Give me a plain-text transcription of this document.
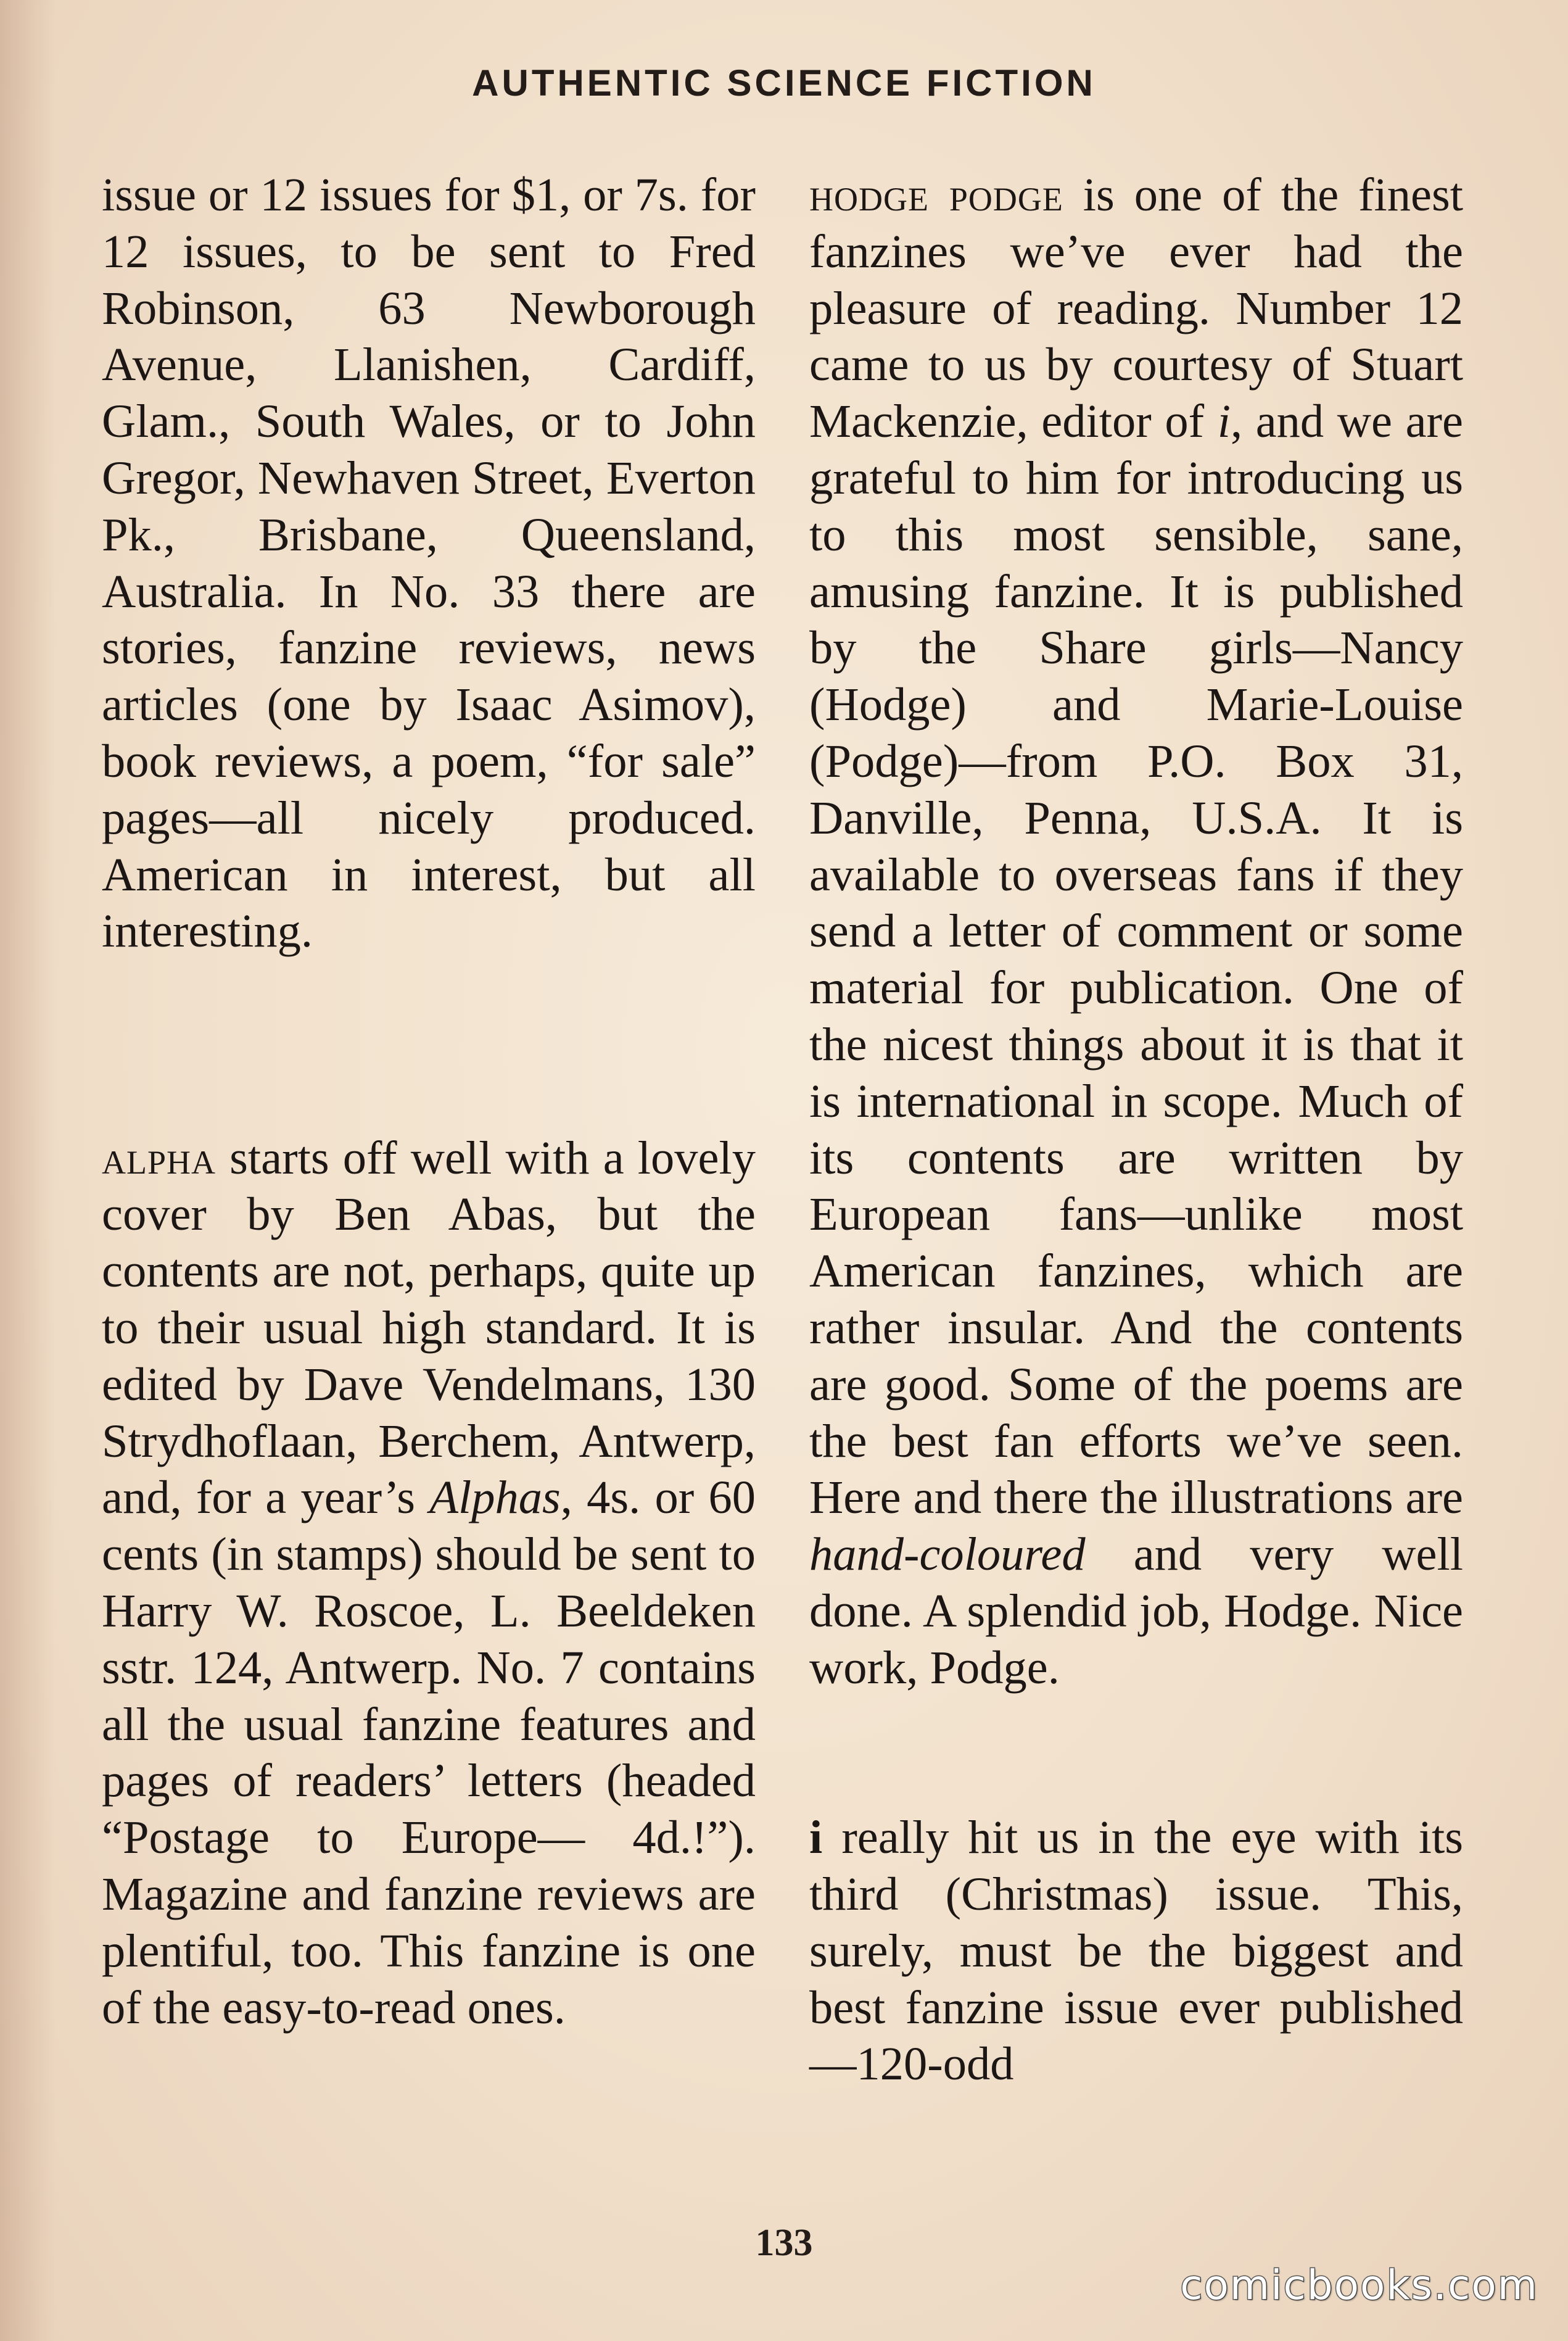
AUTHENTIC SCIENCE FICTION

issue or 12 issues for $1, or 7s. for 12 issues, to be sent to Fred Robinson, 63 Newborough Avenue, Llanishen, Cardiff, Glam., South Wales, or to John Gregor, Newhaven Street, Everton Pk., Brisbane, Queensland, Australia. In No. 33 there are stories, fanzine reviews, news articles (one by Isaac Asimov), book reviews, a poem, “for sale” pages—all nicely produced. American in interest, but all interesting.

alpha starts off well with a lovely cover by Ben Abas, but the contents are not, perhaps, quite up to their usual high standard. It is edited by Dave Vendelmans, 130 Strydhoflaan, Berchem, Antwerp, and, for a year’s Alphas, 4s. or 60 cents (in stamps) should be sent to Harry W. Roscoe, L. Beeldeken sstr. 124, Antwerp. No. 7 contains all the usual fanzine features and pages of readers’ letters (headed “Postage to Europe— 4d.!”). Magazine and fanzine reviews are plentiful, too. This fanzine is one of the easy-to-read ones.

hodge podge is one of the finest fanzines we’ve ever had the pleasure of reading. Number 12 came to us by courtesy of Stuart Mackenzie, editor of i, and we are grateful to him for introducing us to this most sensible, sane, amusing fanzine. It is published by the Share girls—Nancy (Hodge) and Marie-Louise (Podge)—from P.O. Box 31, Danville, Penna, U.S.A. It is available to overseas fans if they send a letter of comment or some material for publication. One of the nicest things about it is that it is international in scope. Much of its contents are written by European fans—unlike most American fanzines, which are rather insular. And the contents are good. Some of the poems are the best fan efforts we’ve seen. Here and there the illustrations are hand-coloured and very well done. A splendid job, Hodge. Nice work, Podge.

i really hit us in the eye with its third (Christmas) issue. This, surely, must be the biggest and best fanzine issue ever published—120-odd

133
comicbooks.com
